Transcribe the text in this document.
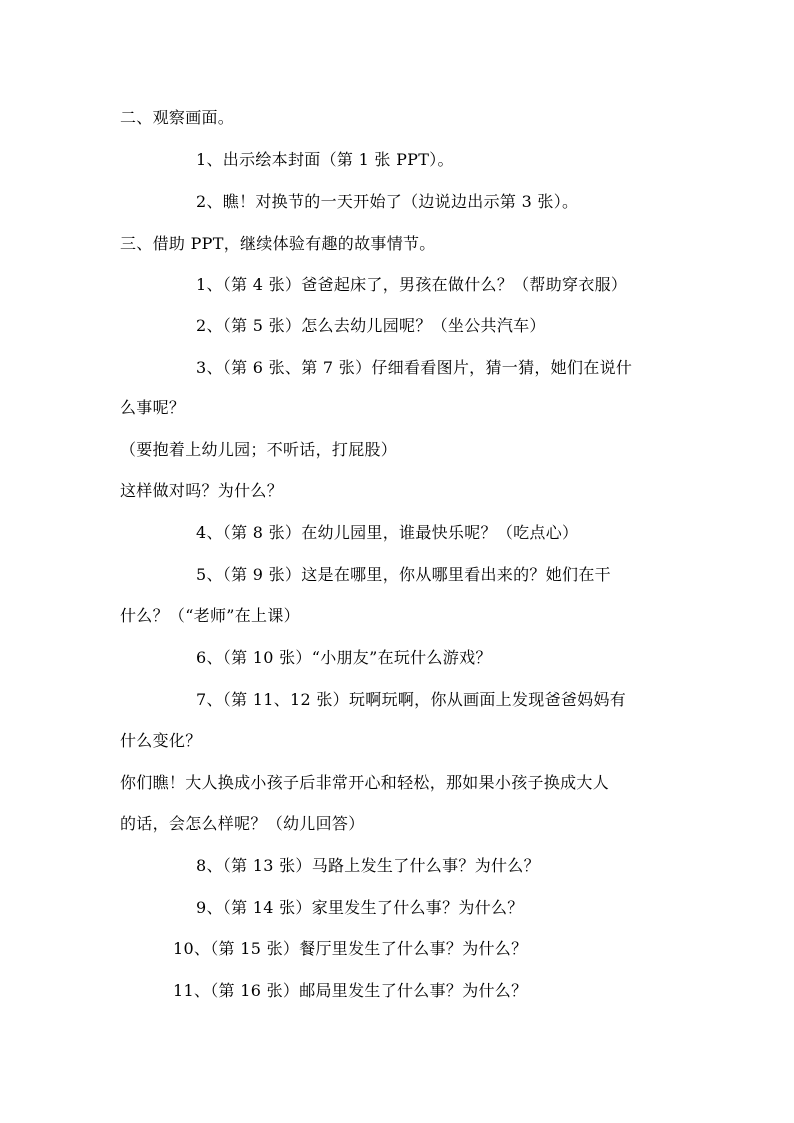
二、观察画面。
1、出示绘本封面（第 1 张 PPT）。
2、瞧！对换节的一天开始了（边说边出示第 3 张）。
三、借助 PPT，继续体验有趣的故事情节。
1、（第 4 张）爸爸起床了，男孩在做什么？（帮助穿衣服）
2、（第 5 张）怎么去幼儿园呢？（坐公共汽车）
3、（第 6 张、第 7 张）仔细看看图片，猜一猜，她们在说什
么事呢？
（要抱着上幼儿园；不听话，打屁股）
这样做对吗？为什么？
4、（第 8 张）在幼儿园里，谁最快乐呢？（吃点心）
5、（第 9 张）这是在哪里，你从哪里看出来的？她们在干
什么？（“老师”在上课）
6、（第 10 张）“小朋友”在玩什么游戏？
7、（第 11、12 张）玩啊玩啊，你从画面上发现爸爸妈妈有
什么变化？
你们瞧！大人换成小孩子后非常开心和轻松，那如果小孩子换成大人
的话，会怎么样呢？（幼儿回答）
8、（第 13 张）马路上发生了什么事？为什么？
9、（第 14 张）家里发生了什么事？为什么？
10、（第 15 张）餐厅里发生了什么事？为什么？
11、（第 16 张）邮局里发生了什么事？为什么？
